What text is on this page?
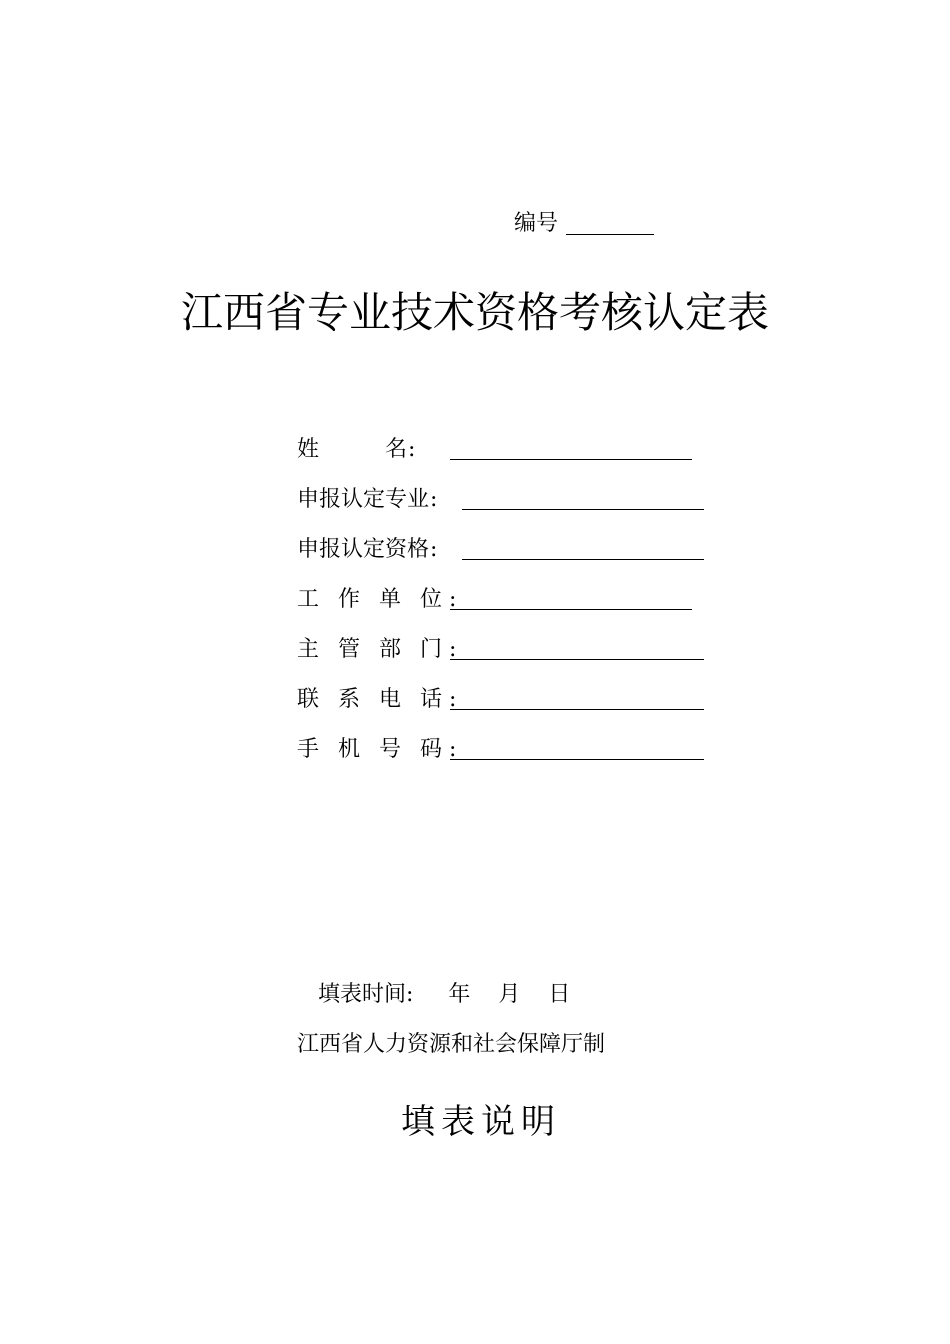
编号
江西省专业技术资格考核认定表
姓　　　名 :
申报认定专业 :
申报认定资格 :
工 作 单 位 :
主 管 部 门 :
联 系 电 话 :
手 机 号 码 :
填表时间:     年    月    日
江西省人力资源和社会保障厅制
填表说明
